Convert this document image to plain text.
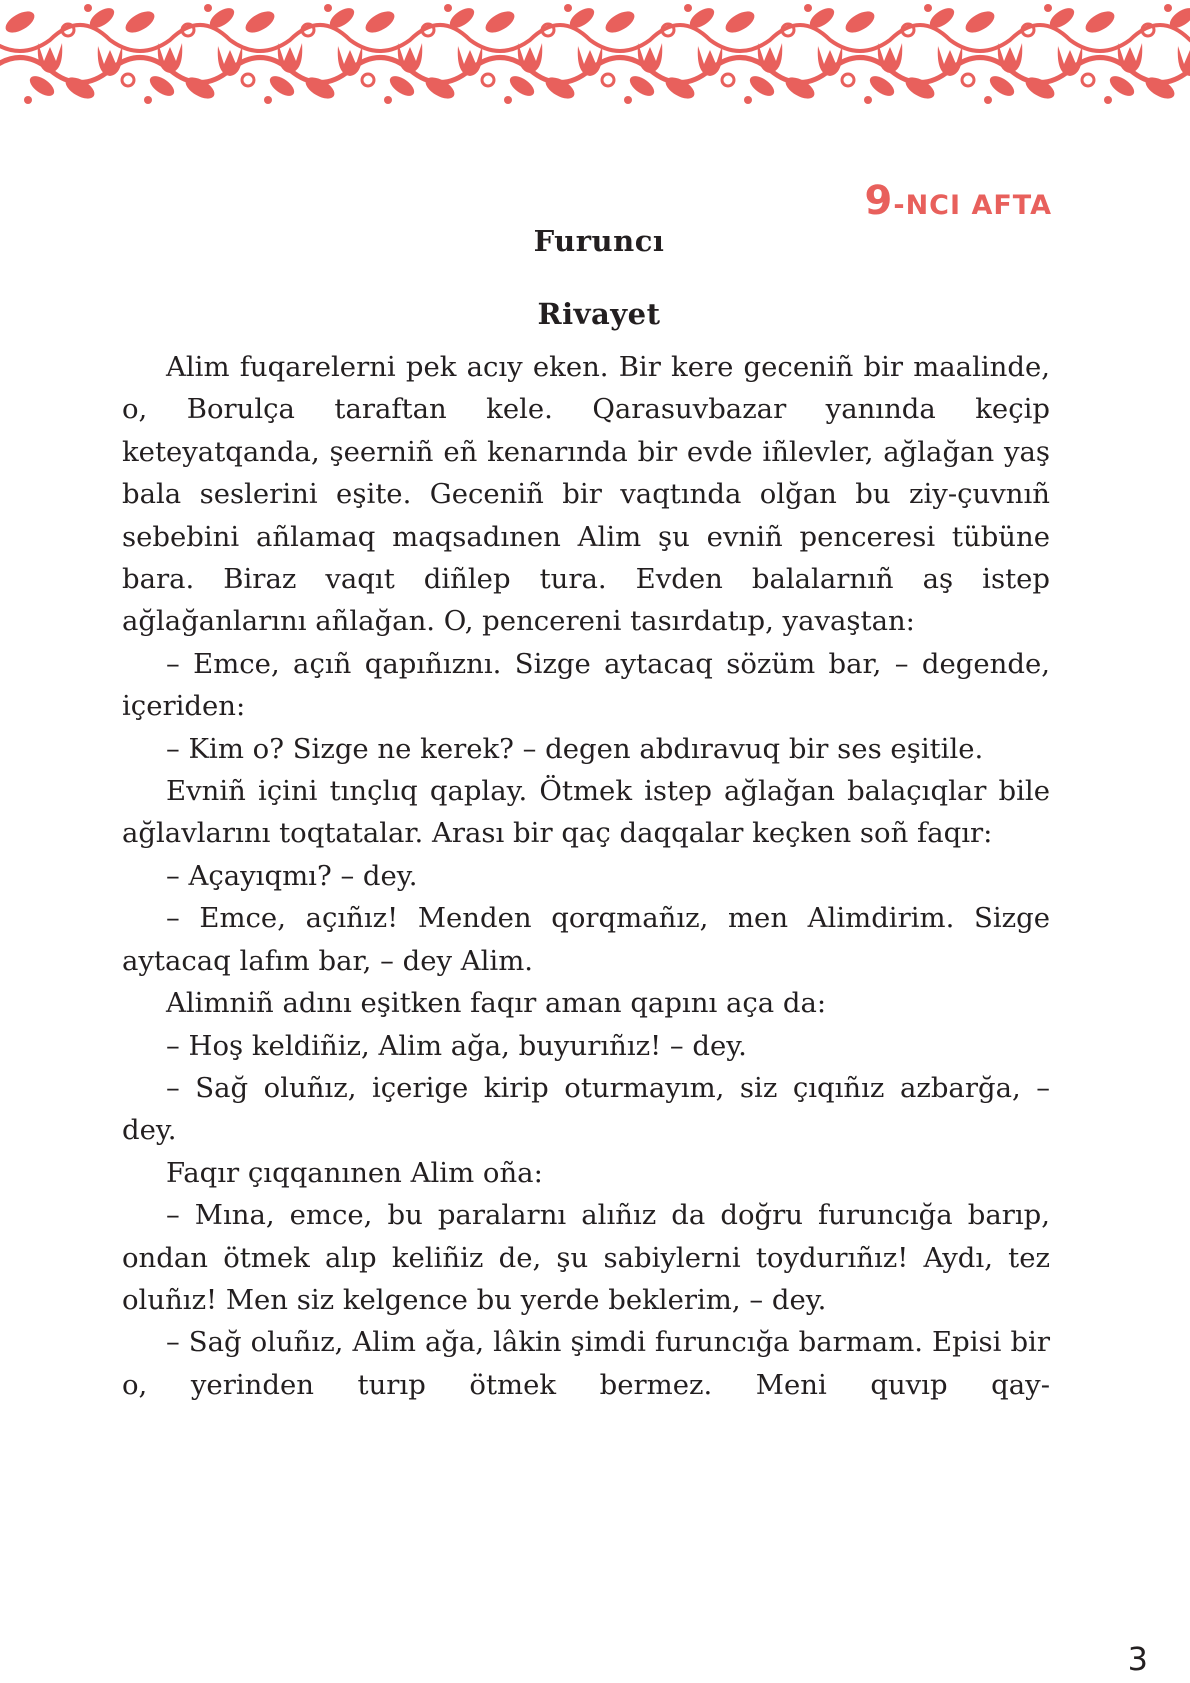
9-NCI AFTA
Furuncı
Rivayet

Alim fuqarelerni pek acıy eken. Bir kere geceniñ bir maalinde, o, Borulça taraftan kele. Qarasuvbazar yanında keçip keteyatqanda, şeerniñ eñ kenarında bir evde iñlevler, ağlağan yaş bala seslerini eşite. Geceniñ bir vaqtında olğan bu ziy-çuvnıñ sebebini añlamaq maqsadınen Alim şu evniñ penceresi tübüne bara. Biraz vaqıt diñlep tura. Evden balalarnıñ aş istep ağlağanlarını añlağan. O, pencereni tasırdatıp, yavaştan:

– Emce, açıñ qapıñıznı. Sizge aytacaq sözüm bar, – degende, içeriden:

– Kim o? Sizge ne kerek? – degen abdıravuq bir ses eşitile.

Evniñ içini tınçlıq qaplay. Ötmek istep ağlağan balaçıqlar bile ağlavlarını toqtatalar. Arası bir qaç daqqalar keçken soñ faqır:

– Açayıqmı? – dey.

– Emce, açıñız! Menden qorqmañız, men Alimdirim. Sizge aytacaq lafım bar, – dey Alim.

Alimniñ adını eşitken faqır aman qapını aça da:

– Hoş keldiñiz, Alim ağa, buyurıñız! – dey.

– Sağ oluñız, içerige kirip oturmayım, siz çıqıñız azbarğa, – dey.

Faqır çıqqanınen Alim oña:

– Mına, emce, bu paralarnı alıñız da doğru furuncığa barıp, ondan ötmek alıp keliñiz de, şu sabiylerni toydurıñız! Aydı, tez oluñız! Men siz kelgence bu yerde beklerim, – dey.

– Sağ oluñız, Alim ağa, lâkin şimdi furuncığa barmam. Episi bir o, yerinden turıp ötmek bermez. Meni quvıp qay-

3
